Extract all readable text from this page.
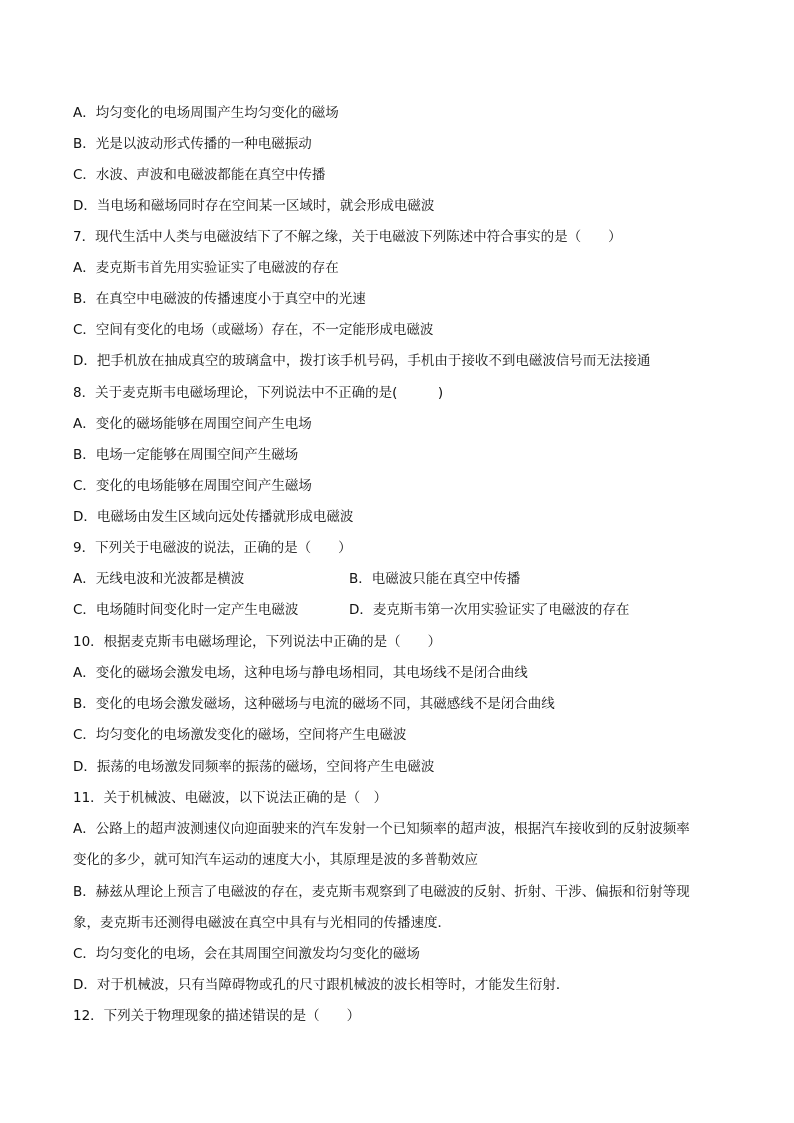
A．均匀变化的电场周围产生均匀变化的磁场
B．光是以波动形式传播的一种电磁振动
C．水波、声波和电磁波都能在真空中传播
D．当电场和磁场同时存在空间某一区域时，就会形成电磁波
7．现代生活中人类与电磁波结下了不解之缘，关于电磁波下列陈述中符合事实的是（　　）
A．麦克斯韦首先用实验证实了电磁波的存在
B．在真空中电磁波的传播速度小于真空中的光速
C．空间有变化的电场（或磁场）存在，不一定能形成电磁波
D．把手机放在抽成真空的玻璃盒中，拨打该手机号码，手机由于接收不到电磁波信号而无法接通
8．关于麦克斯韦电磁场理论，下列说法中不正确的是(　　　)
A．变化的磁场能够在周围空间产生电场
B．电场一定能够在周围空间产生磁场
C．变化的电场能够在周围空间产生磁场
D．电磁场由发生区域向远处传播就形成电磁波
9．下列关于电磁波的说法，正确的是（　　）
A．无线电波和光波都是横波	B．电磁波只能在真空中传播
C．电场随时间变化时一定产生电磁波	D．麦克斯韦第一次用实验证实了电磁波的存在
10．根据麦克斯韦电磁场理论，下列说法中正确的是（　　）
A．变化的磁场会激发电场，这种电场与静电场相同，其电场线不是闭合曲线
B．变化的电场会激发磁场，这种磁场与电流的磁场不同，其磁感线不是闭合曲线
C．均匀变化的电场激发变化的磁场，空间将产生电磁波
D．振荡的电场激发同频率的振荡的磁场，空间将产生电磁波
11．关于机械波、电磁波，以下说法正确的是（　）
A．公路上的超声波测速仪向迎面驶来的汽车发射一个已知频率的超声波，根据汽车接收到的反射波频率
变化的多少，就可知汽车运动的速度大小，其原理是波的多普勒效应
B．赫兹从理论上预言了电磁波的存在，麦克斯韦观察到了电磁波的反射、折射、干涉、偏振和衍射等现
象，麦克斯韦还测得电磁波在真空中具有与光相同的传播速度．
C．均匀变化的电场，会在其周围空间激发均匀变化的磁场
D．对于机械波，只有当障碍物或孔的尺寸跟机械波的波长相等时，才能发生衍射．
12．下列关于物理现象的描述错误的是（　　）
